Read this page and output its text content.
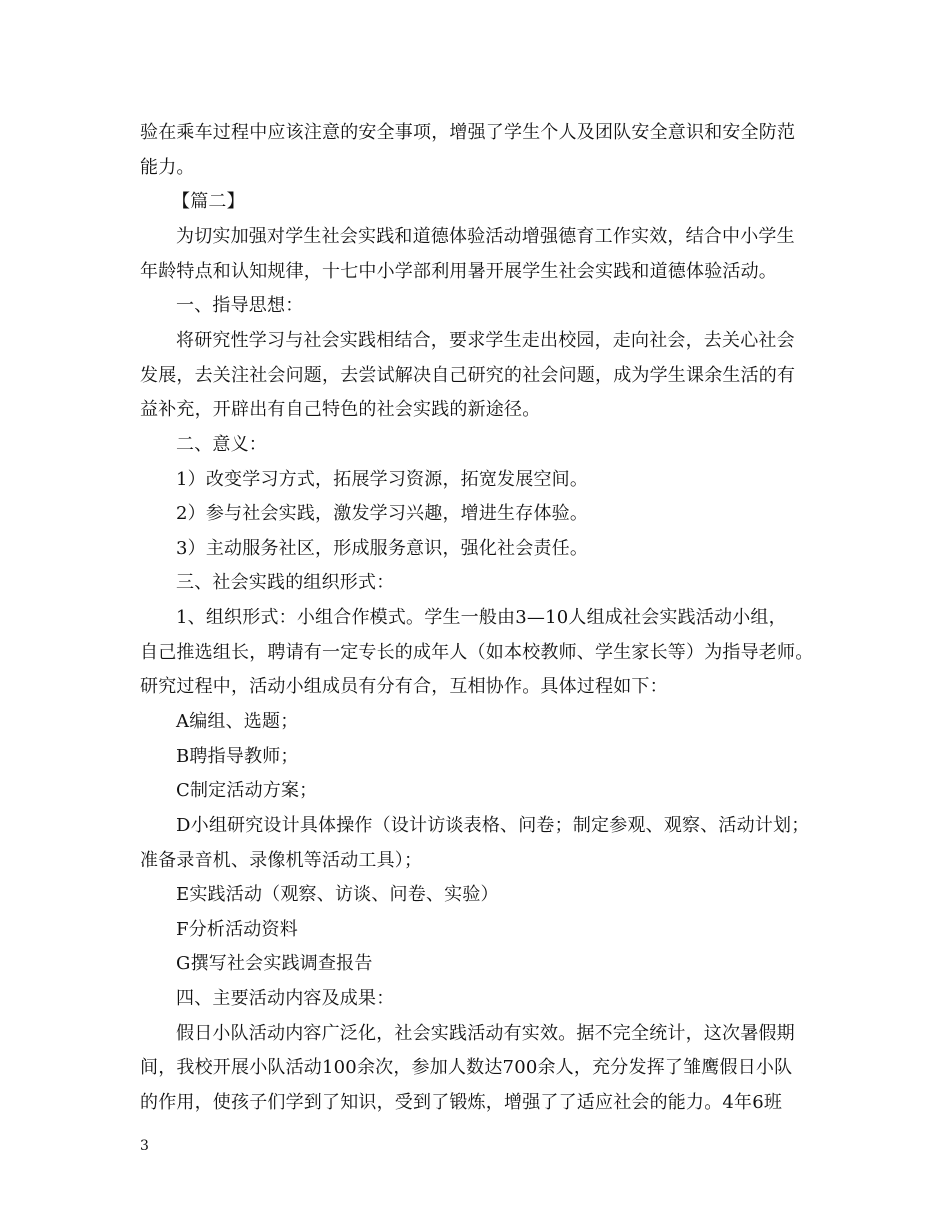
验在乘车过程中应该注意的安全事项，增强了学生个人及团队安全意识和安全防范
能力。
【篇二】
为切实加强对学生社会实践和道德体验活动增强德育工作实效，结合中小学生
年龄特点和认知规律，十七中小学部利用暑开展学生社会实践和道德体验活动。
一、指导思想：
将研究性学习与社会实践相结合，要求学生走出校园，走向社会，去关心社会
发展，去关注社会问题，去尝试解决自己研究的社会问题，成为学生课余生活的有
益补充，开辟出有自己特色的社会实践的新途径。
二、意义：
1）改变学习方式，拓展学习资源，拓宽发展空间。
2）参与社会实践，激发学习兴趣，增进生存体验。
3）主动服务社区，形成服务意识，强化社会责任。
三、社会实践的组织形式：
1、组织形式：小组合作模式。学生一般由3—10人组成社会实践活动小组，
自己推选组长，聘请有一定专长的成年人（如本校教师、学生家长等）为指导老师。
研究过程中，活动小组成员有分有合，互相协作。具体过程如下：
A编组、选题；
B聘指导教师；
C制定活动方案；
D小组研究设计具体操作（设计访谈表格、问卷；制定参观、观察、活动计划；
准备录音机、录像机等活动工具）；
E实践活动（观察、访谈、问卷、实验）
F分析活动资料
G撰写社会实践调查报告
四、主要活动内容及成果：
假日小队活动内容广泛化，社会实践活动有实效。据不完全统计，这次暑假期
间，我校开展小队活动100余次，参加人数达700余人，充分发挥了雏鹰假日小队
的作用，使孩子们学到了知识，受到了锻炼，增强了了适应社会的能力。4年6班
3
